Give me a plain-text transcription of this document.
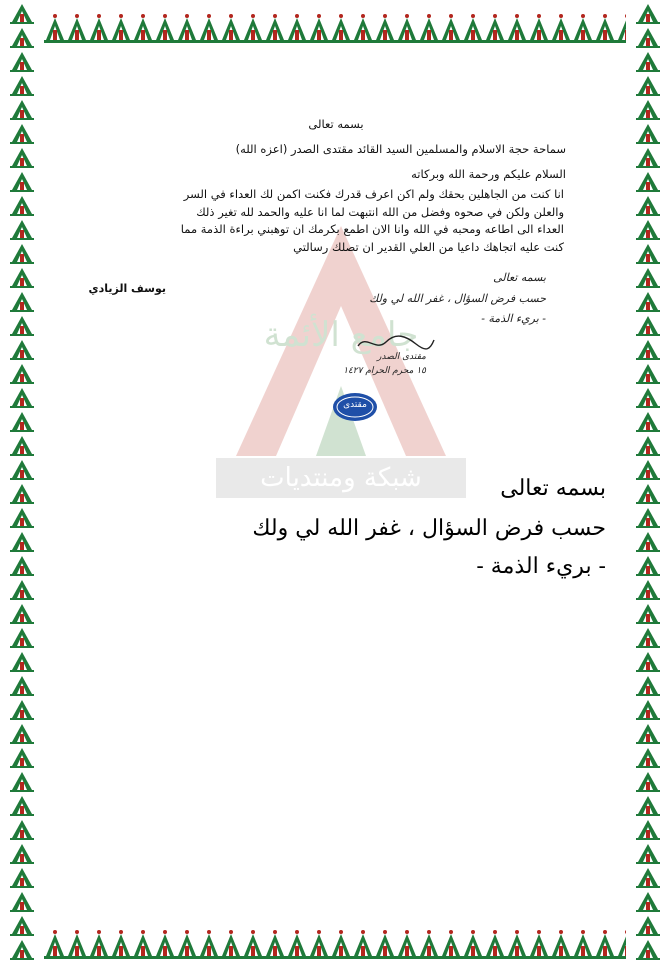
جامع الأئمة
شبكة ومنتديات
بسمه تعالى
سماحة حجة الاسلام والمسلمين السيد القائد مقتدى الصدر (اعزه الله)
السلام عليكم ورحمة الله وبركاته
انا كنت من الجاهلين بحقك ولم اكن اعرف قدرك فكنت اكمن لك العداء في السر
والعلن ولكن في صحوه وفضل من الله انتبهت لما انا عليه والحمد لله تغير ذلك
العداء الى اطاعه ومحبه في الله وانا الان اطمع بكرمك ان توهبني براءة الذمة مما
كنت عليه اتجاهك داعيا من العلي القدير ان تصلك رسالتي
يوسف الزيادي
بسمه تعالى
حسب فرض السؤال ، غفر الله لي ولك
- بريء الذمة -
مقتدى الصدر
١٥ محرم الحرام ١٤٢٧
مقتدى
بسمه تعالى
حسب فرض السؤال ، غفر الله لي ولك
- بريء الذمة -
